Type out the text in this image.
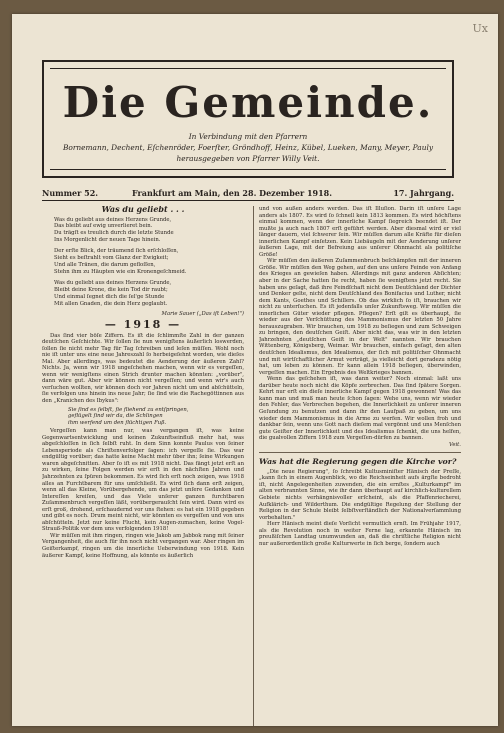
Ux
Die Gemeinde.
In Verbindung mit den Pfarrern
Bornemann, Dechent, Eſchenröder, Foerſter, Gröndhoff, Heinz, Kübel, Lueken, Many, Meyer, Pauly
herausgegeben von Pfarrer Willy Veit.
Nummer 52.	Frankfurt am Main, den 28. Dezember 1918.	17. Jahrgang.
Was du geliebt . . .

Was du geliebt aus deines Herzens Grunde,

Das bleibt auf ewig unverlieret bein.

Du trägſt es treulich durch die letzte Stunde

Ins Morgenlicht der neuen Tage hinein.

Der erſte Blick, der träumend ſich erſchloſſen,

Sieht es beſtrahlt vom Glanz der Ewigkeit;

Und alle Tränen, die darum gefloſſen,

Stehn ihm zu Häupten wie ein Kronengeſchmeid.

Was du geliebt aus deines Herzens Grunde,

Bleibt deine Krone, die kein Tod dir raubt;

Und einmal ſegnet dich die ſel'ge Stunde

Mit allen Gnaden, die dein Herz geglaubt.

Marie Sauer („Das iſt Leben!")
— 1918 —

Das ſind vier böſe Ziffern. Es iſt die ſchlimmſte Zahl in der ganzen deutſchen Geſchichte. Wir ſollen ſie nun wenigſtens äußerlich loswerden, ſollen ſie nicht mehr Tag für Tag ſchreiben und leſen müſſen. Wohl noch nie iſt unter uns eine neue Jahreszahl ſo herbeigeſehnt worden, wie dieſes Mal. Aber allerdings, was bedeutet die Aenderung der äußeren Zahl? Nichts. Ja, wenn wir 1918 ungeſchehen machen, wenn wir es vergeſſen, wenn wir wenigſtens einen Strich drunter machen könnten: „vorüber", dann wäre gut. Aber wir können nicht vergeſſen; und wenn wir's auch verſuchen wollten, wir können doch vor Jahren nicht um und abſchütteln, ſie verfolgen uns hinein ins neue Jahr; ſie ſind wie die Rachegöttinnen aus den „Kranichen des Ibykus":

Sie ſind es ſelbſt, ſie fliehend zu entſpringen,

geflügelt ſind wir da, die Schlingen

ihm werfend um den flüchtigen Fuß.

Vergeſſen kann man nur, was vergangen iſt, was keine Gegenwartsentwicklung und keinen Zukunftseinfluß mehr hat, was abgeſchloſſen in ſich ſelbſt ruht. In dem Sinn konnte Paulus von ſeiner Lebensperiode als Chriſtenverfolger ſagen: ich vergeſſe ſie. Das war endgültig vorüber; das hatte keine Macht mehr über ihn; ſeine Wirkungen waren abgeſchnitten. Aber ſo iſt es mit 1918 nicht. Das fängt jetzt erſt an zu wirken, ſeine Folgen werden wir erſt in den nächſten Jahren und Jahrzehnten zu ſpüren bekommen. Es wird ſich erſt noch zeigen, was 1918 alles an Furchtbarem für uns umſchließt. Es wird ſich dann erſt zeigen, wenn all das Kleine, Vorübergehende, um das jetzt unſere Gedanken und Intereſſen kreiſen, und das Viele unſerer ganzen furchtbaren Zuſammenbruch vergeſſen läßt, vorübergerauſcht ſein wird. Dann wird es erſt groß, drohend, erſchaudernd vor uns ſtehen: es hat ein 1918 gegeben und gibt es noch. Drum meint nicht, wir könnten es vergeſſen und von uns abſchütteln. Jetzt nur keine Flucht, kein Augen-zumachen, keine Vogel-Strauß-Politik vor dem uns verfolgenden 1918!

Wir müſſen mit ihm ringen, ringen wie Jakob am Jabbok rang mit ſeiner Vergangenheit, die auch für ihn noch nicht vergangen war. Aber ringen im Geiſterkampf, ringen um die innerliche Ueberwindung von 1918. Kein äußerer Kampf, keine Hoffnung, als könnte es äußerlich

und von außen anders werden. Das iſt Illuſion. Darin iſt unſere Lage anders als 1807. Es wird ſo ſchnell kein 1813 kommen. Es wird höchſtens einmal kommen, wenn der innerliche Kampf ſiegreich beendet iſt. Der mußte ja auch nach 1807 erſt geführt werden. Aber diesmal wird er viel länger dauern, viel ſchwerer ſein. Wir müſſen darum alle Kräfte für dieſen innerlichen Kampf einſetzen. Kein Liebäugeln mit der Aenderung unſerer äußeren Lage, mit der Befreiung aus unſerer Ohnmacht als politiſche Größe!

Wir müſſen den äußeren Zuſammenbruch beſchämpfen mit der inneren Größe. Wir müſſen den Weg gehen, auf den uns unſere Feinde von Anfang des Krieges an gewieſen haben. Allerdings mit ganz anderen Abſichten; aber in der Sache hatten ſie recht, haben ſie wenigſtens jetzt recht. Sie haben uns geſagt, daß ihre Feindſchaft nicht dem Deutſchland der Dichter und Denker gelte, nicht dem Deutſchland des Bonifacius und Luther, nicht dem Kants, Goethes und Schillers. Ob das wirklich ſo iſt, brauchen wir nicht zu unterſuchen. Es iſt jedenfalls unſer Zukunftsweg. Wir müſſen die innerlichen Güter wieder pflegen. Pflegen? Erſt gilt es überhaupt, ſie wieder aus der Verſchüttung des Mammonismus der letzten 50 Jahre herauszugraben. Wir brauchen, um 1918 zu beſiegen und zum Schweigen zu bringen, den deutſchen Geiſt. Aber nicht das, was wir in den letzten Jahrzehnten „deutſchen Geiſt in der Welt" nannten. Wir brauchen Wittenberg, Königsberg, Weimar. Wir brauchen, einfach geſagt, den alten deutſchen Idealismus, den Idealismus, der ſich mit politiſcher Ohnmacht und mit wirtſchaftlicher Armut verträgt, ja vielleicht dort geradezu nötig hat, um leben zu können. Er kann allein 1918 beſiegen, überwinden, vergeſſen machen. Ein Ergebnis des Weltkrieges bannen.

Wenn das geſchehen iſt, was dann weiter? Noch einmal: laßt uns darüber heute noch nicht die Köpfe zerbrechen. Das ſind ſpätere Sorgen. Kehrt nur erſt ein dieſe innerliche Kampf gegen 1918 gewonnen! Was das kann man und muß man heute ſchon ſagen: Wehe uns, wenn wir wieder den Fehler, das Verbrechen begehen, die Innerlichkeit zu unſerer inneren Geſundung zu benutzen und dann ihr den Laufpaß zu geben, um uns wieder dem Mammonismus in die Arme zu werfen. Wir wollen froh und dankbar ſein, wenn uns Gott nach dieſem mal vergönnt und uns Menſchen gute Geiſter der Innerlichkeit und des Idealismus ſchenkt, die uns helfen, die gualvollen Ziffern 1918 zum Vergeſſen-dürfen zu bannen.

Veit.
Was hat die Regierung gegen die Kirche vor?

„Die neue Regierung", ſo ſchreibt Kultusminiſter Hänisch der Preſſe, „kann ſich in einem Augenblick, wo die Reichseinheit aufs ärgſte bedroht iſt, nicht Angelegenheiten zuwenden, die ein ernſtes „Kulturkampf" im alten verbrannten Sinne, wie ihr dann überhaupt auf kirchlich-kulturellem Gebiete nichts verhängnisvoller erſcheint, als die Pfaffenriecherei, Aufklärich- und Wilderthum. Die endgültige Regelung der Stellung der Religion in der Schule bleibt ſelbſtverſtändlich der Nationalverſammlung vorbehalten."

Herr Hänisch meint dieſe Vorſicht vermutlich ernſt. Im Frühjahr 1917, als die Revolution noch in weiter Ferne lag, erkannte Hänisch im preußiſchen Landtag unumwunden an, daß die chriſtliche Religion nicht nur außerordentlich große Kulturwerte in ſich berge, ſondern auch
